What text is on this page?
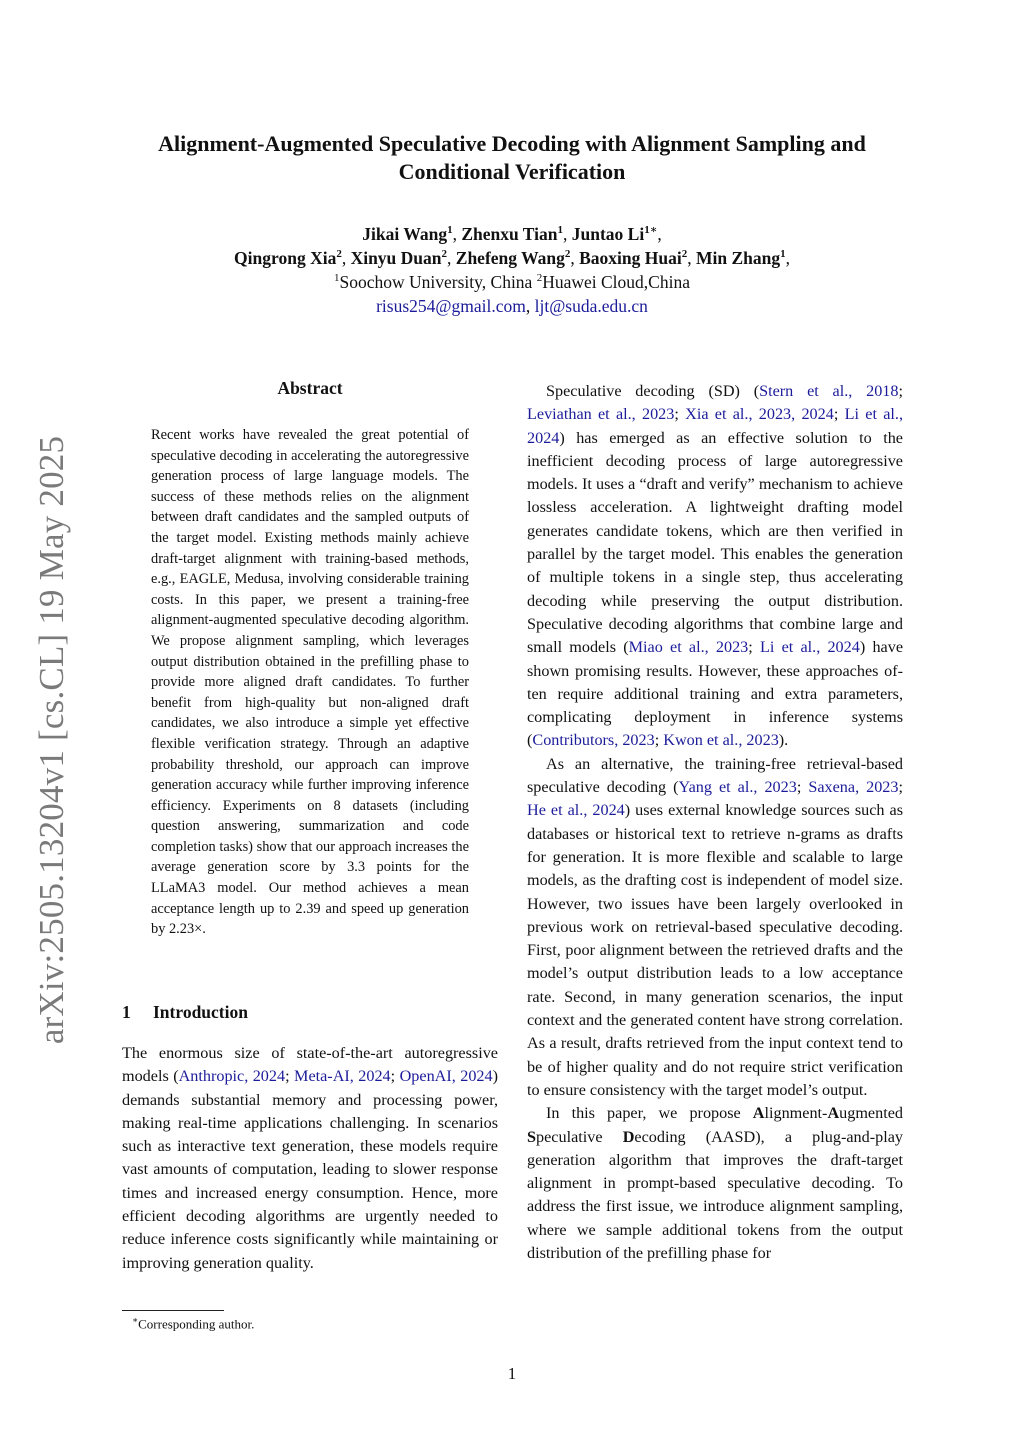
arXiv:2505.13204v1 [cs.CL] 19 May 2025
Alignment-Augmented Speculative Decoding with Alignment Sampling and
Conditional Verification
Jikai Wang$^1$, Zhenxu Tian$^1$, Juntao $Li^{1∗}$,
Qingrong Xia$^2$, Xinyu Duan$^2$, Zhefeng Wang$^2$, Baoxing Huai$^2$, Min Zhang$^1$,
$^1$Soochow University, China $^2$Huawei Cloud,China
risus254@gmail.com, ljt@suda.edu.cn
Abstract
Recent works have revealed the great potential of speculative decoding in accelerating the autoregressive generation process of large language models. The success of these methods relies on the alignment between draft candidates and the sampled outputs of the target model. Existing methods mainly achieve draft-target alignment with training-based methods, e.g., EAGLE, Medusa, involving considerable training costs. In this paper, we present a training-free alignment-augmented speculative decoding algorithm. We propose alignment sampling, which leverages output distribution obtained in the prefilling phase to provide more aligned draft candidates. To further benefit from high-quality but non-aligned draft candidates, we also introduce a simple yet effective flexible verification strategy. Through an adaptive probability threshold, our approach can improve generation accuracy while further improving inference efficiency. Experiments on 8 datasets (including question answering, summarization and code completion tasks) show that our approach increases the average generation score by 3.3 points for the LLaMA3 model. Our method achieves a mean acceptance length up to 2.39 and speed up generation by 2.23×.
1 Introduction
The enormous size of state-of-the-art autoregressive models (Anthropic, 2024; Meta-AI, 2024; OpenAI, 2024) demands substantial memory and processing power, making real-time applications challenging. In scenarios such as interactive text generation, these models require vast amounts of computation, leading to slower response times and increased energy consumption. Hence, more efficient decoding algorithms are urgently needed to reduce inference costs significantly while maintaining or improving generation quality.

Speculative decoding (SD) (Stern et al., 2018; Leviathan et al., 2023; Xia et al., 2023, 2024; Li et al., 2024) has emerged as an effective solution to the inefficient decoding process of large autoregressive models. It uses a “draft and verify” mechanism to achieve lossless acceleration. A lightweight drafting model generates candidate tokens, which are then verified in parallel by the target model. This enables the generation of multiple tokens in a single step, thus accelerating decoding while preserving the output distribution. Speculative decoding algorithms that combine large and small models (Miao et al., 2023; Li et al., 2024) have shown promising results. However, these approaches often require additional training and extra parameters, complicating deployment in inference systems (Contributors, 2023; Kwon et al., 2023).

As an alternative, the training-free retrieval-based speculative decoding (Yang et al., 2023; Saxena, 2023; He et al., 2024) uses external knowledge sources such as databases or historical text to retrieve n-grams as drafts for generation. It is more flexible and scalable to large models, as the drafting cost is independent of model size. However, two issues have been largely overlooked in previous work on retrieval-based speculative decoding. First, poor alignment between the retrieved drafts and the model’s output distribution leads to a low acceptance rate. Second, in many generation scenarios, the input context and the generated content have strong correlation. As a result, drafts retrieved from the input context tend to be of higher quality and do not require strict verification to ensure consistency with the target model’s output.

In this paper, we propose Alignment-Augmented Speculative Decoding (AASD), a plug-and-play generation algorithm that improves the draft-target alignment in prompt-based speculative decoding. To address the first issue, we introduce alignment sampling, where we sample additional tokens from the output distribution of the prefilling phase for

∗Corresponding author.
1
